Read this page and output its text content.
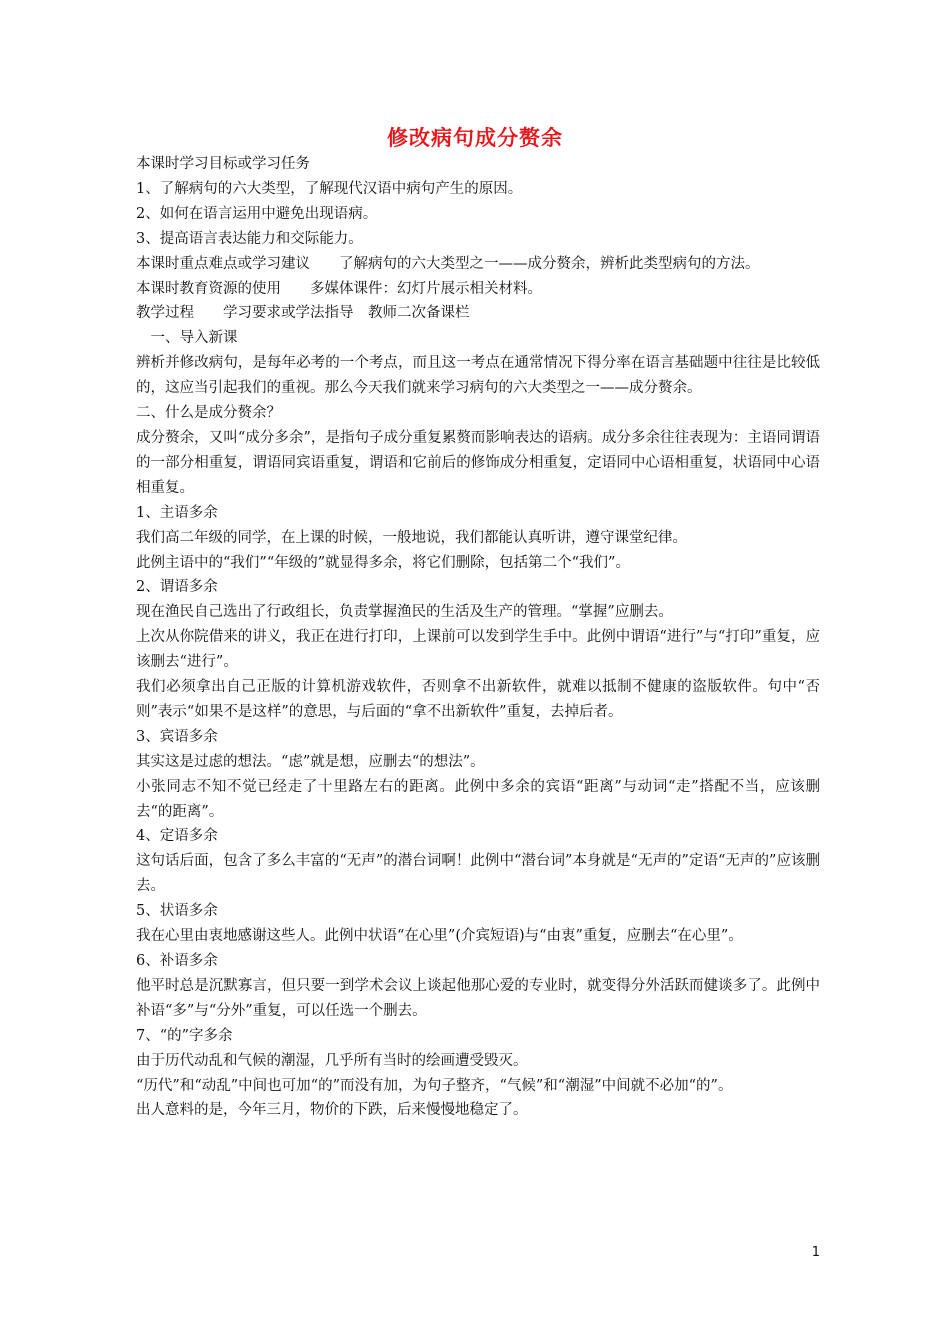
修改病句成分赘余

本课时学习目标或学习任务

1、了解病句的六大类型，了解现代汉语中病句产生的原因。

2、如何在语言运用中避免出现语病。

3、提高语言表达能力和交际能力。

本课时重点难点或学习建议　　了解病句的六大类型之一——成分赘余，辨析此类型病句的方法。

本课时教育资源的使用　　多媒体课件：幻灯片展示相关材料。

教学过程　　学习要求或学法指导　教师二次备课栏

　一、导入新课

辨析并修改病句，是每年必考的一个考点，而且这一考点在通常情况下得分率在语言基础题中往往是比较低的，这应当引起我们的重视。那么今天我们就来学习病句的六大类型之一——成分赘余。

二、什么是成分赘余？

成分赘余，又叫“成分多余”，是指句子成分重复累赘而影响表达的语病。成分多余往往表现为：主语同谓语的一部分相重复，谓语同宾语重复，谓语和它前后的修饰成分相重复，定语同中心语相重复，状语同中心语相重复。

1、主语多余

我们高二年级的同学，在上课的时候，一般地说，我们都能认真听讲，遵守课堂纪律。

此例主语中的“我们”“年级的”就显得多余，将它们删除，包括第二个“我们”。

2、谓语多余

现在渔民自己选出了行政组长，负责掌握渔民的生活及生产的管理。“掌握”应删去。

上次从你院借来的讲义，我正在进行打印，上课前可以发到学生手中。此例中谓语“进行”与“打印”重复，应该删去“进行”。

我们必须拿出自己正版的计算机游戏软件，否则拿不出新软件，就难以抵制不健康的盗版软件。句中“否则”表示“如果不是这样”的意思，与后面的“拿不出新软件”重复，去掉后者。

3、宾语多余

其实这是过虑的想法。“虑”就是想，应删去“的想法”。

小张同志不知不觉已经走了十里路左右的距离。此例中多余的宾语“距离”与动词“走”搭配不当，应该删去“的距离”。

4、定语多余

这句话后面，包含了多么丰富的“无声”的潜台词啊！此例中“潜台词”本身就是“无声的”定语“无声的”应该删去。

5、状语多余

我在心里由衷地感谢这些人。此例中状语“在心里”(介宾短语)与“由衷”重复，应删去“在心里”。

6、补语多余

他平时总是沉默寡言，但只要一到学术会议上谈起他那心爱的专业时，就变得分外活跃而健谈多了。此例中补语“多”与“分外”重复，可以任选一个删去。

7、“的”字多余

由于历代动乱和气候的潮湿，几乎所有当时的绘画遭受毁灭。

“历代”和“动乱”中间也可加“的”而没有加，为句子整齐，“气候”和“潮湿”中间就不必加“的”。

出人意料的是，今年三月，物价的下跌，后来慢慢地稳定了。

1
